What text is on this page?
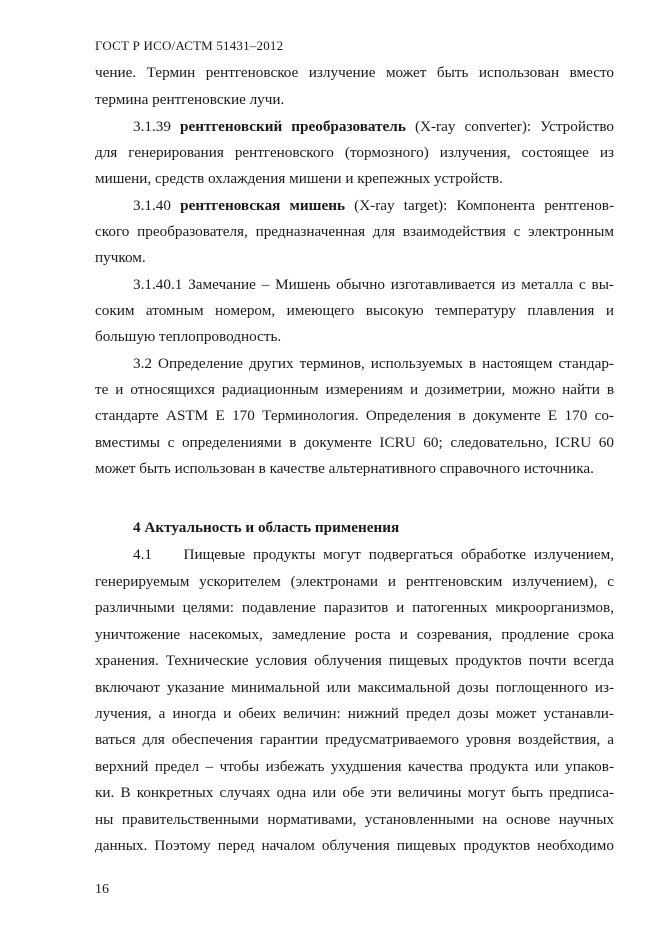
ГОСТ Р ИСО/АСТМ 51431–2012
чение. Термин рентгеновское излучение может быть использован вместо
термина рентгеновские лучи.
3.1.39 рентгеновский преобразователь (X-ray converter): Устройство
для генерирования рентгеновского (тормозного) излучения, состоящее из
мишени, средств охлаждения мишени и крепежных устройств.
3.1.40 рентгеновская мишень (X-ray target): Компонента рентгенов-
ского преобразователя, предназначенная для взаимодействия с электронным
пучком.
3.1.40.1 Замечание – Мишень обычно изготавливается из металла с вы-
соким атомным номером, имеющего высокую температуру плавления и
большую теплопроводность.
3.2 Определение других терминов, используемых в настоящем стандар-
те и относящихся радиационным измерениям и дозиметрии, можно найти в
стандарте ASTM E 170 Терминология. Определения в документе E 170 со-
вместимы с определениями в документе ICRU 60; следовательно, ICRU 60
может быть использован в качестве альтернативного справочного источника.
4 Актуальность и область применения
4.1    Пищевые продукты могут подвергаться обработке излучением,
генерируемым ускорителем (электронами и рентгеновским излучением), с
различными целями: подавление паразитов и патогенных микроорганизмов,
уничтожение насекомых, замедление роста и созревания, продление срока
хранения. Технические условия облучения пищевых продуктов почти всегда
включают указание минимальной или максимальной дозы поглощенного из-
лучения, а иногда и обеих величин: нижний предел дозы может устанавли-
ваться для обеспечения гарантии предусматриваемого уровня воздействия, а
верхний предел – чтобы избежать ухудшения качества продукта или упаков-
ки. В конкретных случаях одна или обе эти величины могут быть предписа-
ны правительственными нормативами, установленными на основе научных
данных. Поэтому перед началом облучения пищевых продуктов необходимо
16
